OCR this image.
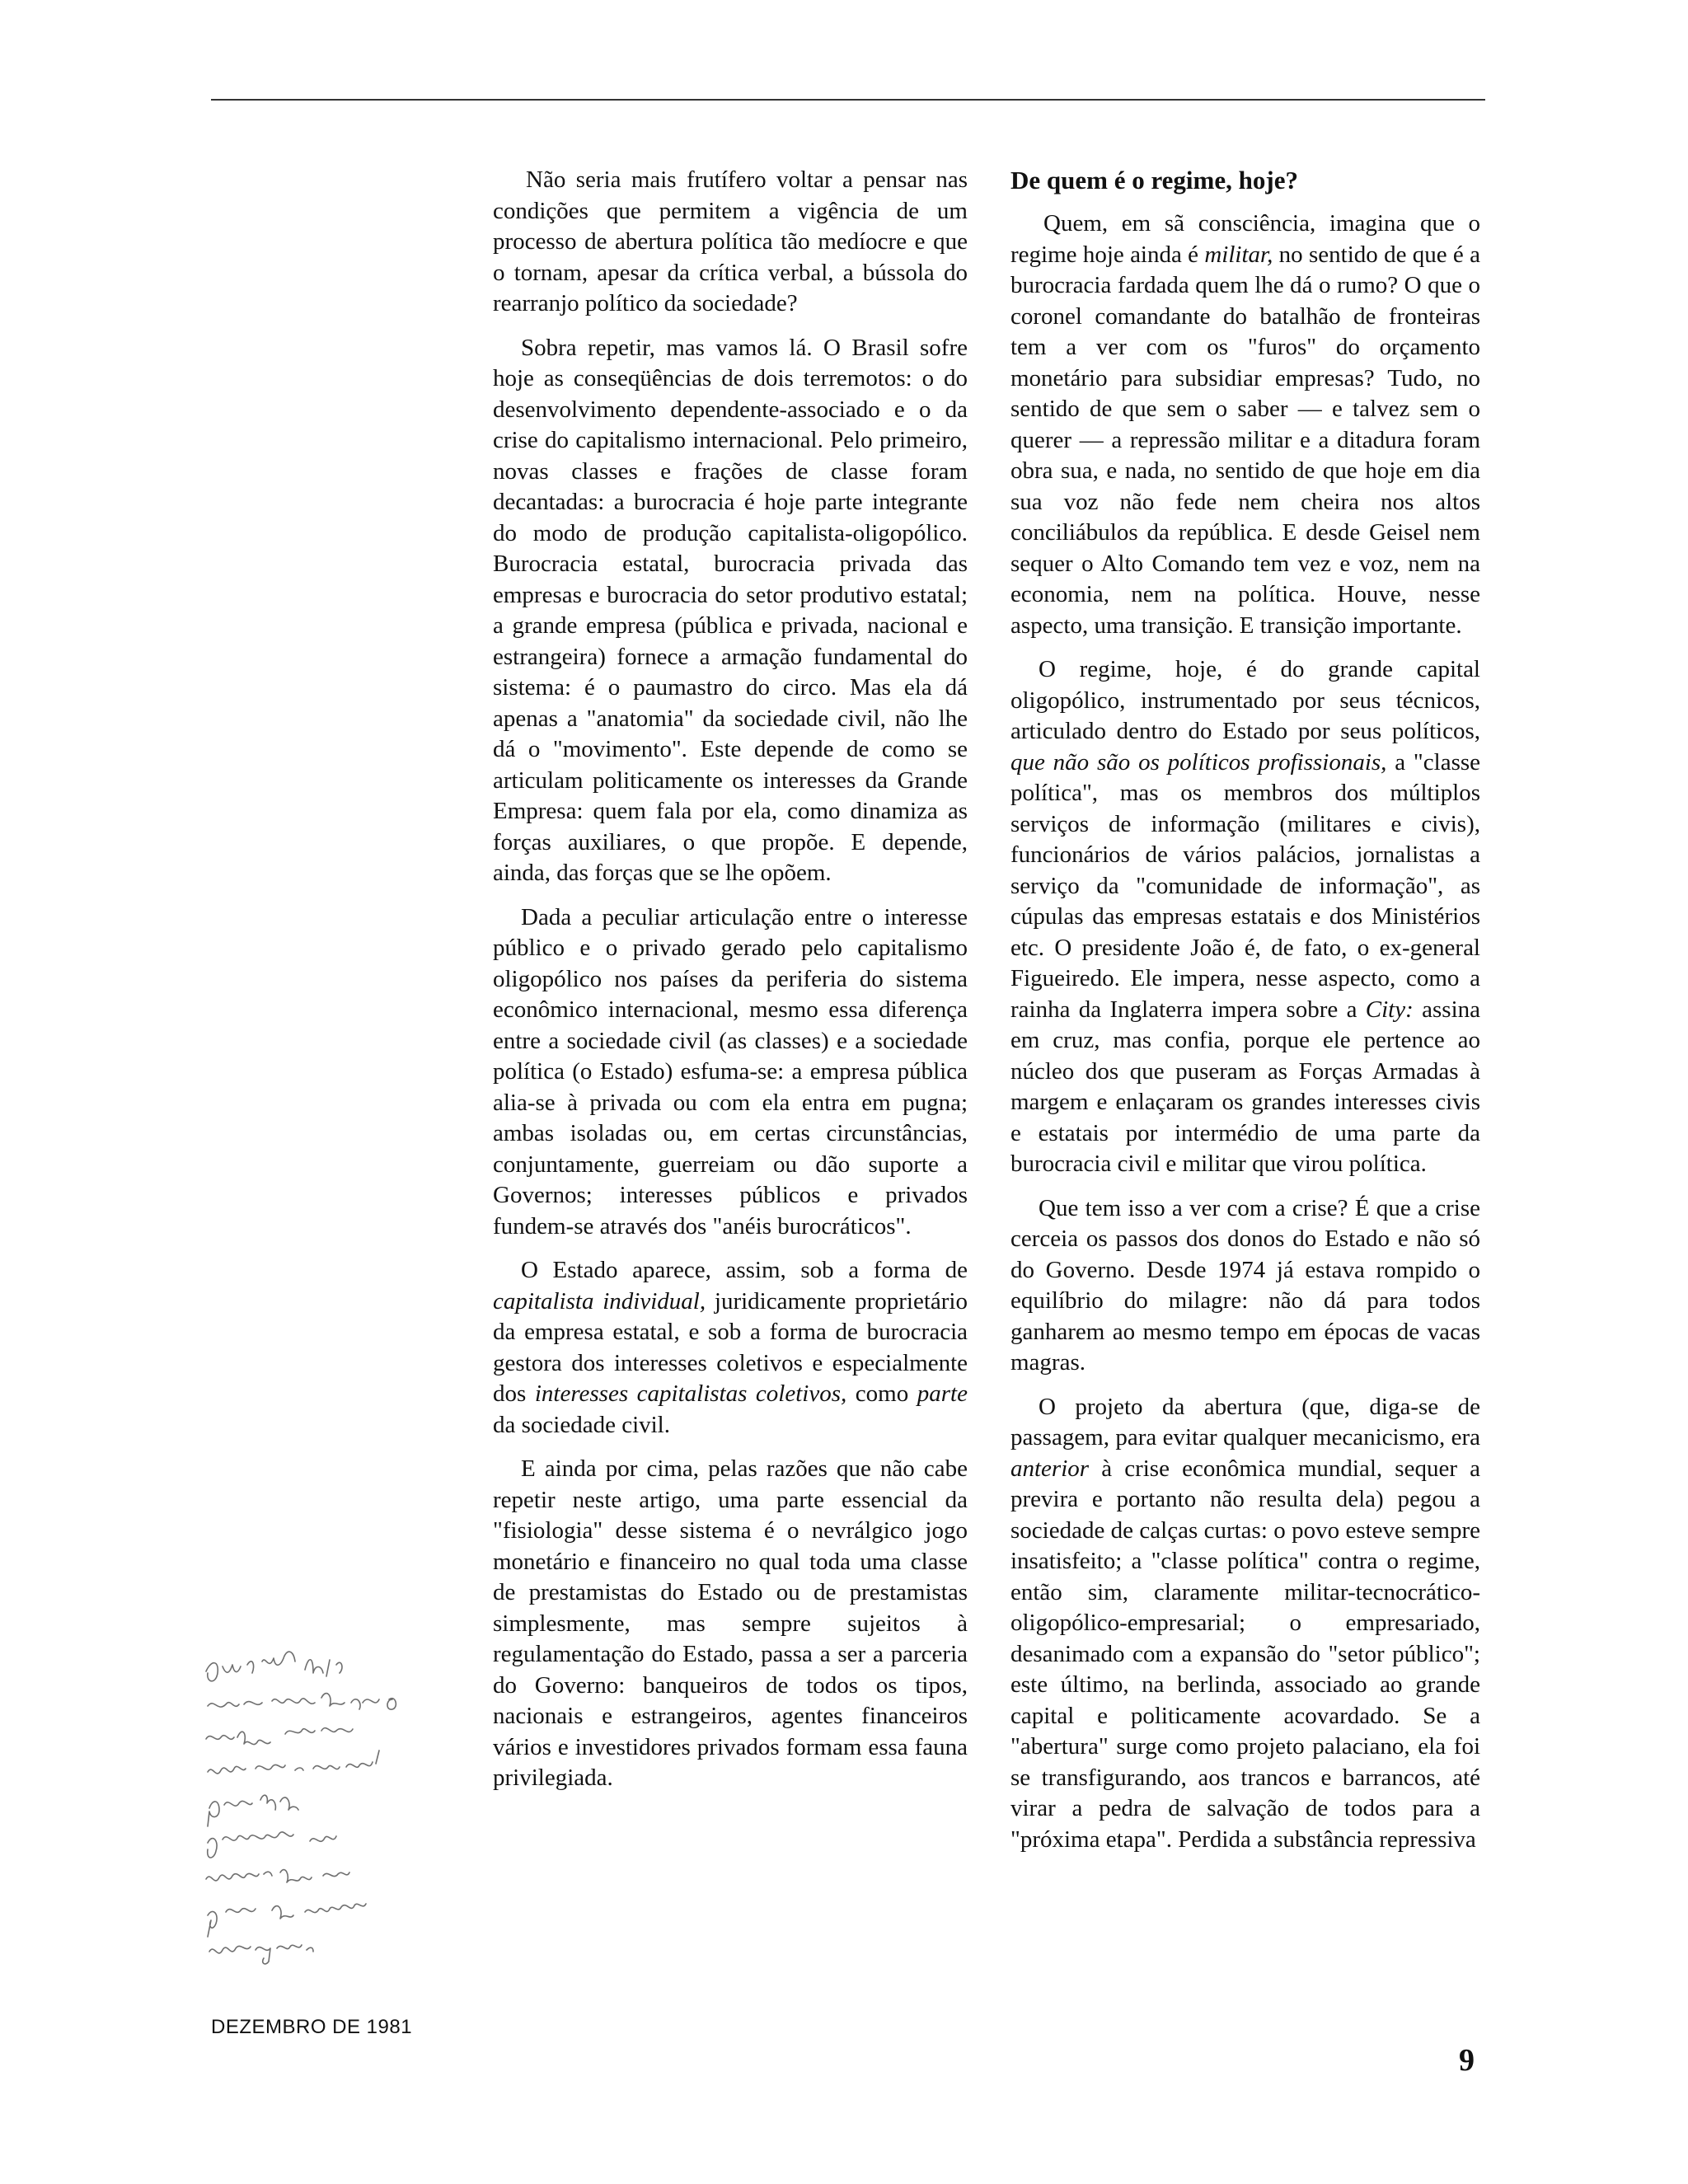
Não seria mais frutífero voltar a pensar nas condições que permitem a vigência de um processo de abertura política tão medíocre e que o tornam, apesar da crítica verbal, a bússola do rearranjo político da sociedade?

Sobra repetir, mas vamos lá. O Brasil sofre hoje as conseqüências de dois terremotos: o do desenvolvimento dependente-associado e o da crise do capitalismo internacional. Pelo primeiro, novas classes e frações de classe foram decantadas: a burocracia é hoje parte integrante do modo de produção capitalista-oligopólico. Burocracia estatal, burocracia privada das empresas e burocracia do setor produtivo estatal; a grande empresa (pública e privada, nacional e estrangeira) fornece a armação fundamental do sistema: é o paumastro do circo. Mas ela dá apenas a "anatomia" da sociedade civil, não lhe dá o "movimento". Este depende de como se articulam politicamente os interesses da Grande Empresa: quem fala por ela, como dinamiza as forças auxiliares, o que propõe. E depende, ainda, das forças que se lhe opõem.

Dada a peculiar articulação entre o interesse público e o privado gerado pelo capitalismo oligopólico nos países da periferia do sistema econômico internacional, mesmo essa diferença entre a sociedade civil (as classes) e a sociedade política (o Estado) esfuma-se: a empresa pública alia-se à privada ou com ela entra em pugna; ambas isoladas ou, em certas circunstâncias, conjuntamente, guerreiam ou dão suporte a Governos; interesses públicos e privados fundem-se através dos "anéis burocráticos".

O Estado aparece, assim, sob a forma de capitalista individual, juridicamente proprietário da empresa estatal, e sob a forma de burocracia gestora dos interesses coletivos e especialmente dos interesses capitalistas coletivos, como parte da sociedade civil.

E ainda por cima, pelas razões que não cabe repetir neste artigo, uma parte essencial da "fisiologia" desse sistema é o nevrálgico jogo monetário e financeiro no qual toda uma classe de prestamistas do Estado ou de prestamistas simplesmente, mas sempre sujeitos à regulamentação do Estado, passa a ser a parceria do Governo: banqueiros de todos os tipos, nacionais e estrangeiros, agentes financeiros vários e investidores privados formam essa fauna privilegiada.

De quem é o regime, hoje?

Quem, em sã consciência, imagina que o regime hoje ainda é militar, no sentido de que é a burocracia fardada quem lhe dá o rumo? O que o coronel comandante do batalhão de fronteiras tem a ver com os "furos" do orçamento monetário para subsidiar empresas? Tudo, no sentido de que sem o saber — e talvez sem o querer — a repressão militar e a ditadura foram obra sua, e nada, no sentido de que hoje em dia sua voz não fede nem cheira nos altos conciliábulos da república. E desde Geisel nem sequer o Alto Comando tem vez e voz, nem na economia, nem na política. Houve, nesse aspecto, uma transição. E transição importante.

O regime, hoje, é do grande capital oligopólico, instrumentado por seus técnicos, articulado dentro do Estado por seus políticos, que não são os políticos profissionais, a "classe política", mas os membros dos múltiplos serviços de informação (militares e civis), funcionários de vários palácios, jornalistas a serviço da "comunidade de informação", as cúpulas das empresas estatais e dos Ministérios etc. O presidente João é, de fato, o ex-general Figueiredo. Ele impera, nesse aspecto, como a rainha da Inglaterra impera sobre a City: assina em cruz, mas confia, porque ele pertence ao núcleo dos que puseram as Forças Armadas à margem e enlaçaram os grandes interesses civis e estatais por intermédio de uma parte da burocracia civil e militar que virou política.

Que tem isso a ver com a crise? É que a crise cerceia os passos dos donos do Estado e não só do Governo. Desde 1974 já estava rompido o equilíbrio do milagre: não dá para todos ganharem ao mesmo tempo em épocas de vacas magras.

O projeto da abertura (que, diga-se de passagem, para evitar qualquer mecanicismo, era anterior à crise econômica mundial, sequer a previra e portanto não resulta dela) pegou a sociedade de calças curtas: o povo esteve sempre insatisfeito; a "classe política" contra o regime, então sim, claramente militar-tecnocrático-oligopólico-empresarial; o empresariado, desanimado com a expansão do "setor público"; este último, na berlinda, associado ao grande capital e politicamente acovardado. Se a "abertura" surge como projeto palaciano, ela foi se transfigurando, aos trancos e barrancos, até virar a pedra de salvação de todos para a "próxima etapa". Perdida a substância repressiva

DEZEMBRO DE 1981
9
